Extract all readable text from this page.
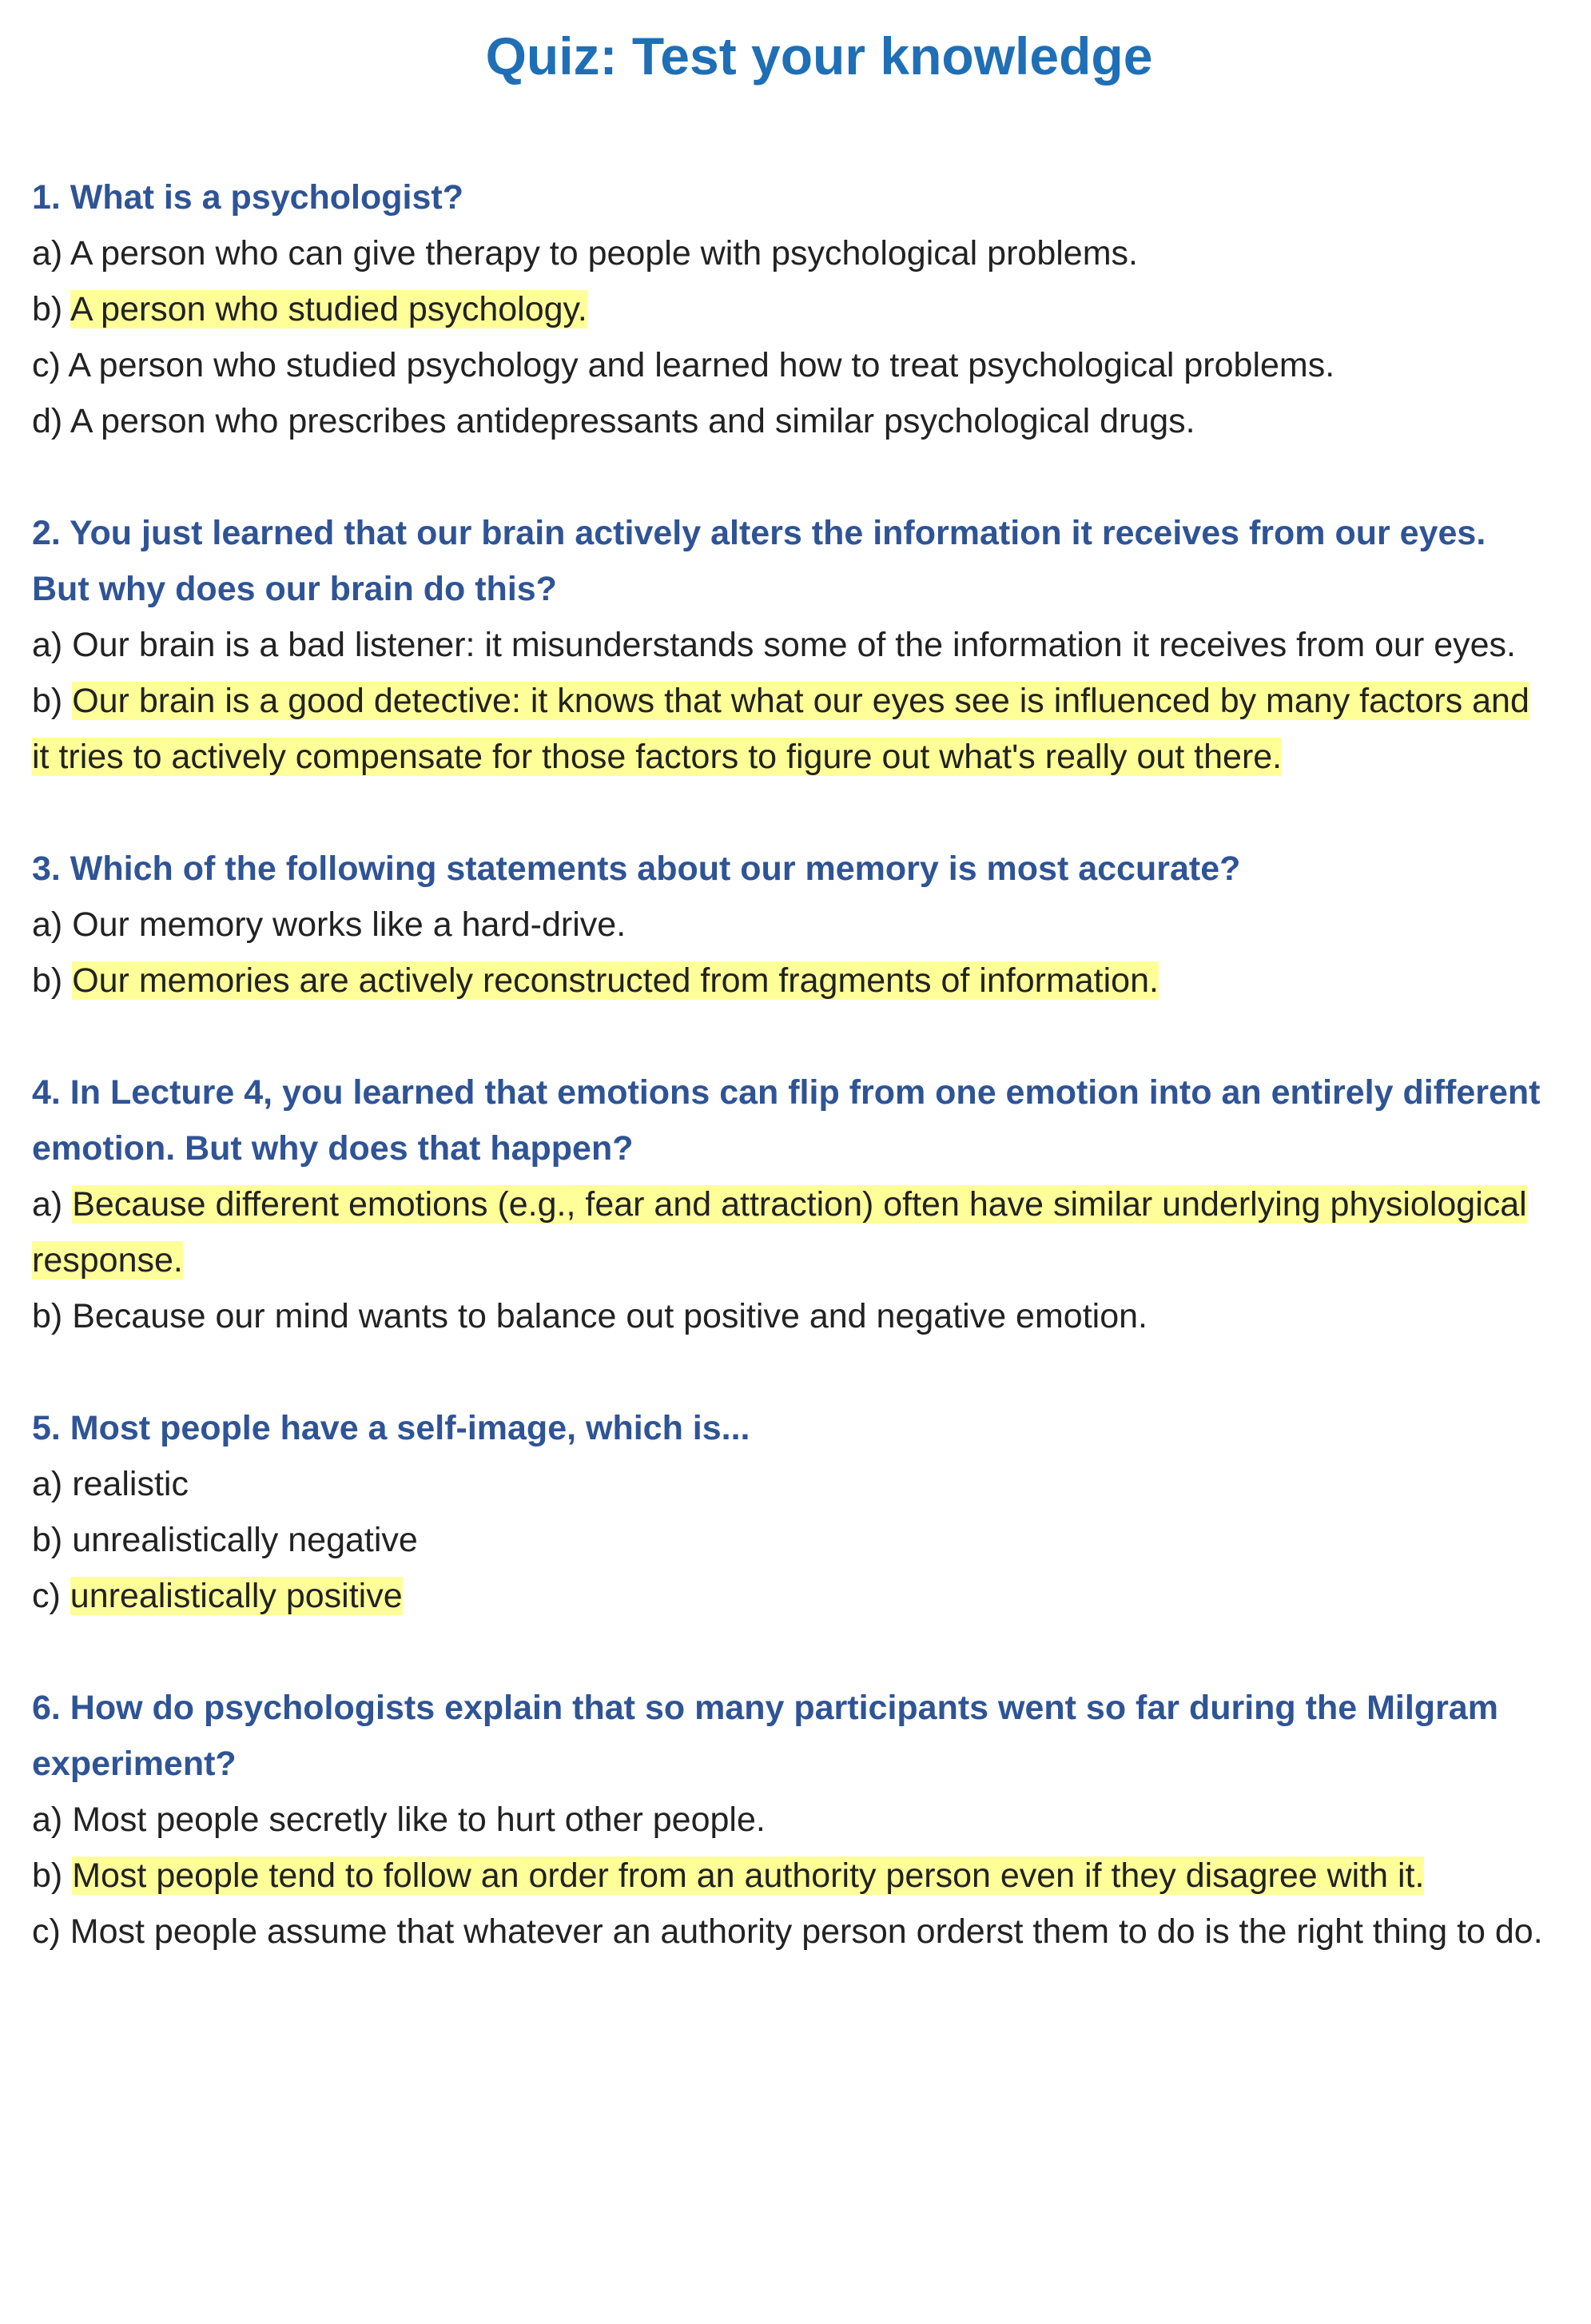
Quiz: Test your knowledge
1. What is a psychologist?
a) A person who can give therapy to people with psychological problems.
b) A person who studied psychology.
c) A person who studied psychology and learned how to treat psychological problems.
d) A person who prescribes antidepressants and similar psychological drugs.
2. You just learned that our brain actively alters the information it receives from our eyes. But why does our brain do this?
a) Our brain is a bad listener: it misunderstands some of the information it receives from our eyes.
b) Our brain is a good detective: it knows that what our eyes see is influenced by many factors and it tries to actively compensate for those factors to figure out what's really out there.
3. Which of the following statements about our memory is most accurate?
a) Our memory works like a hard-drive.
b) Our memories are actively reconstructed from fragments of information.
4. In Lecture 4, you learned that emotions can flip from one emotion into an entirely different emotion. But why does that happen?
a) Because different emotions (e.g., fear and attraction) often have similar underlying physiological response.
b) Because our mind wants to balance out positive and negative emotion.
5. Most people have a self-image, which is...
a) realistic
b) unrealistically negative
c) unrealistically positive
6. How do psychologists explain that so many participants went so far during the Milgram experiment?
a) Most people secretly like to hurt other people.
b) Most people tend to follow an order from an authority person even if they disagree with it.
c) Most people assume that whatever an authority person orderst them to do is the right thing to do.
